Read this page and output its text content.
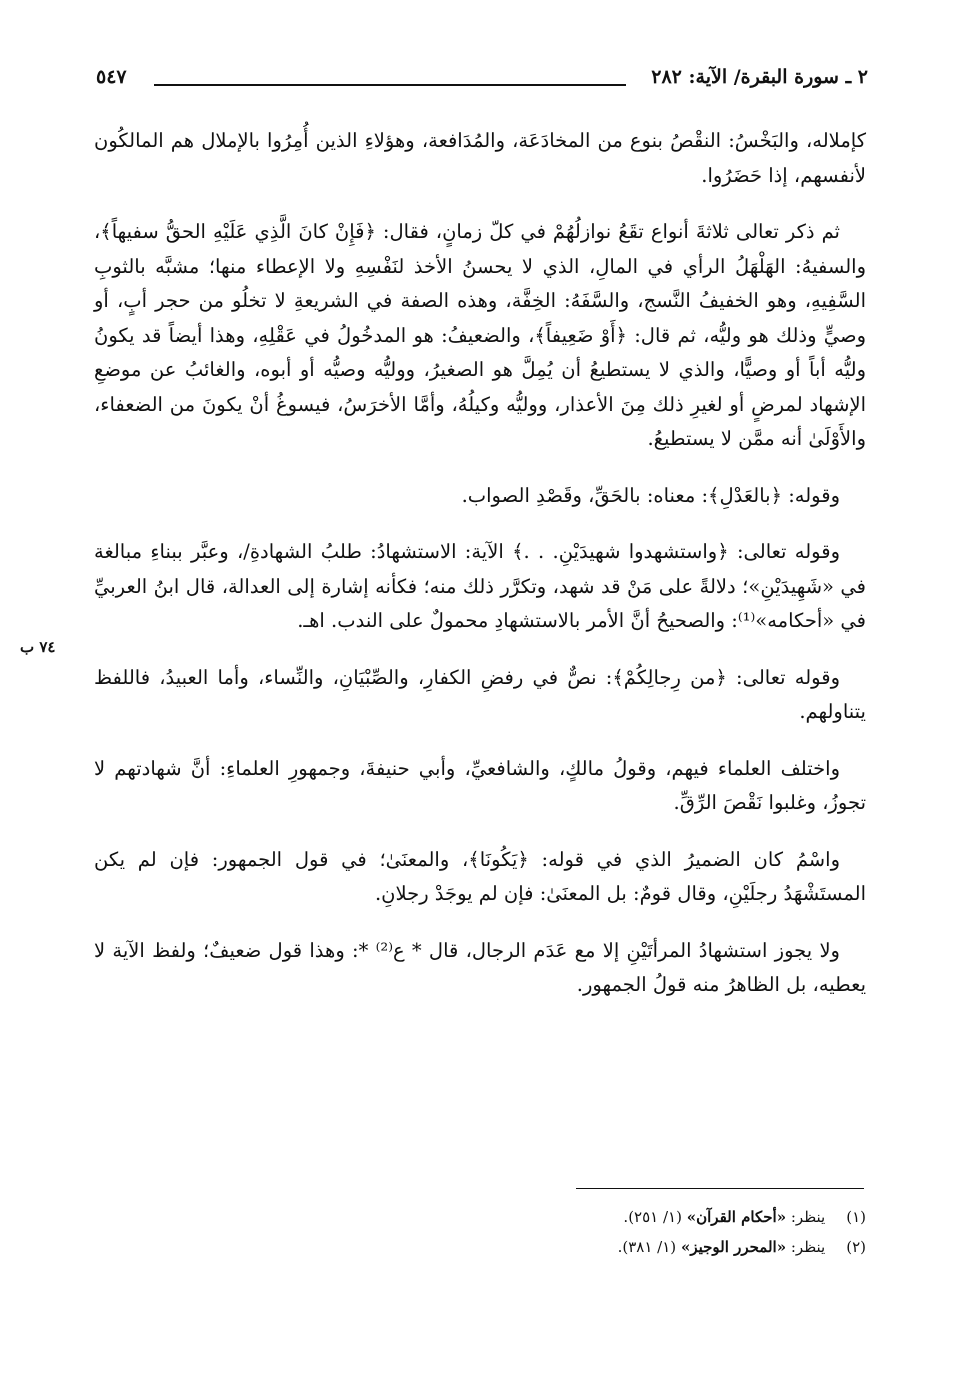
٢ ـ سورة البقرة/ الآية: ٢٨٢
٥٤٧
٧٤ ب

كإملاله، والبَخْسُ: النقْصُ بنوع من المخادَعَة، والمُدَافعة، وهؤلاءِ الذين أُمِرُوا بالإملال هم المالكُون لأنفسهم، إذا حَضَرُوا.

ثم ذكر تعالى ثلاثةَ أنواع تقَعُ نوازلُهُمْ في كلّ زمانٍ، فقال: ﴿فَإِنْ كانَ الَّذِي عَلَيْهِ الحقُّ سفيهاً﴾، والسفيهُ: الهَلْهَلُ الرأي في المالِ، الذي لا يحسنُ الأخذ لنَفْسِهِ ولا الإعطاء منها؛ مشبَّه بالثوبِ السَّفِيهِ، وهو الخفيفُ النَّسج، والسَّفَهُ: الخِفَّة، وهذه الصفة في الشريعةِ لا تخلُو من حجر أبٍ، أو وصيٍّ وذلك هو وليُّه، ثم قال: ﴿أَوْ ضَعِيفاً﴾، والضعيفُ: هو المدخُولُ في عَقْلِهِ، وهذا أيضاً قد يكونُ وليُّه أباً أو وصيًّا، والذي لا يستطيعُ أن يُمِلَّ هو الصغيرُ، ووليُّه وصيُّه أو أبوه، والغائبُ عن موضعِ الإشهاد لمرضٍ أو لغيرِ ذلك مِنَ الأعذار، ووليُّه وكيلُهُ، وأمَّا الأخرَسُ، فيسوغُ أنْ يكونَ من الضعفاء، والأَوْلَىٰ أنه ممَّن لا يستطيعُ.

وقوله: ﴿بالعَدْلِ﴾: معناه: بالحَقِّ، وقَصْدِ الصواب.

وقوله تعالى: ﴿واستشهدوا شهيدَيْنِ. . .﴾ الآية: الاستشهادُ: طلبُ الشهادةِ/، وعبَّر ببناءِ مبالغة في «شَهِيدَيْنِ»؛ دلالةً على مَنْ قد شهد، وتكرَّر ذلك منه؛ فكأنه إشارة إلى العدالة، قال ابنُ العربيِّ في «أحكامه»⁽¹⁾: والصحيحُ أنَّ الأمر بالاستشهادِ محمولٌ على الندب. اهـ.

وقوله تعالى: ﴿من رِجالِكُمْ﴾: نصٌّ في رفضِ الكفارِ، والصِّبْيَانِ، والنِّساء، وأما العبيدُ، فاللفظ يتناولهم.

واختلف العلماء فيهم، وقولُ مالكٍ، والشافعيِّ، وأبي حنيفةَ، وجمهورِ العلماءِ: أنَّ شهادتهم لا تجوزُ، وغلبوا نَقْصَ الرِّقِّ.

واسْمُ كان الضميرُ الذي في قوله: ﴿يَكُونَا﴾، والمعنَىٰ؛ في قول الجمهور: فإن لم يكن المستَشْهَدُ رجلَيْنِ، وقال قومٌ: بل المعنَىٰ: فإن لم يوجَدْ رجلانِ.

ولا يجوز استشهادُ المرأتَيْنِ إلا مع عَدَم الرجال، قال * ع⁽²⁾ *: وهذا قول ضعيفٌ؛ ولفظ الآية لا يعطيه، بل الظاهرُ منه قولُ الجمهور.

(١) ينظر: «أحكام القرآن» (١/ ٢٥١).

(٢) ينظر: «المحرر الوجيز» (١/ ٣٨١).
